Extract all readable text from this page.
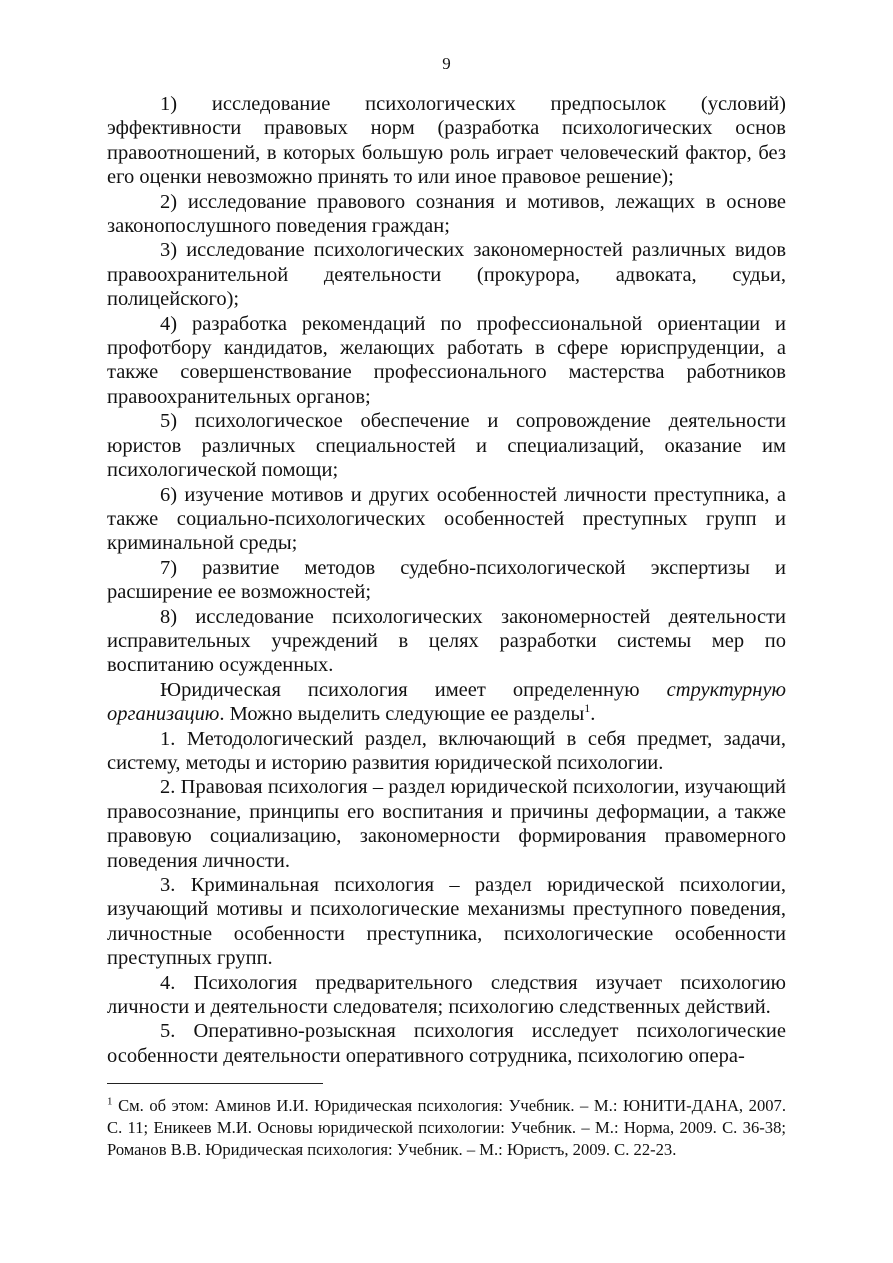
9

1) исследование психологических предпосылок (условий) эффективности правовых норм (разработка психологических основ правоотношений, в которых большую роль играет человеческий фактор, без его оценки невозможно принять то или иное правовое решение);

2) исследование правового сознания и мотивов, лежащих в основе законопослушного поведения граждан;

3) исследование психологических закономерностей различных видов правоохранительной деятельности (прокурора, адвоката, судьи, полицейского);

4) разработка рекомендаций по профессиональной ориентации и профотбору кандидатов, желающих работать в сфере юриспруденции, а также совершенствование профессионального мастерства работников правоохранительных органов;

5) психологическое обеспечение и сопровождение деятельности юристов различных специальностей и специализаций, оказание им психологической помощи;

6) изучение мотивов и других особенностей личности преступника, а также социально-психологических особенностей преступных групп и криминальной среды;

7) развитие методов судебно-психологической экспертизы и расширение ее возможностей;

8) исследование психологических закономерностей деятельности исправительных учреждений в целях разработки системы мер по воспитанию осужденных.

Юридическая психология имеет определенную структурную организацию. Можно выделить следующие ее разделы$^1$.

1. Методологический раздел, включающий в себя предмет, задачи, систему, методы и историю развития юридической психологии.

2. Правовая психология – раздел юридической психологии, изучающий правосознание, принципы его воспитания и причины деформации, а также правовую социализацию, закономерности формирования правомерного поведения личности.

3. Криминальная психология – раздел юридической психологии, изучающий мотивы и психологические механизмы преступного поведения, личностные особенности преступника, психологические особенности преступных групп.

4. Психология предварительного следствия изучает психологию личности и деятельности следователя; психологию следственных действий.

5. Оперативно-розыскная психология исследует психологические особенности деятельности оперативного сотрудника, психологию опера-

$^1$ См. об этом: Аминов И.И. Юридическая психология: Учебник. – М.: ЮНИТИ-ДАНА, 2007. С. 11; Еникеев М.И. Основы юридической психологии: Учебник. – М.: Норма, 2009. С. 36-38; Романов В.В. Юридическая психология: Учебник. – М.: Юристъ, 2009. С. 22-23.
